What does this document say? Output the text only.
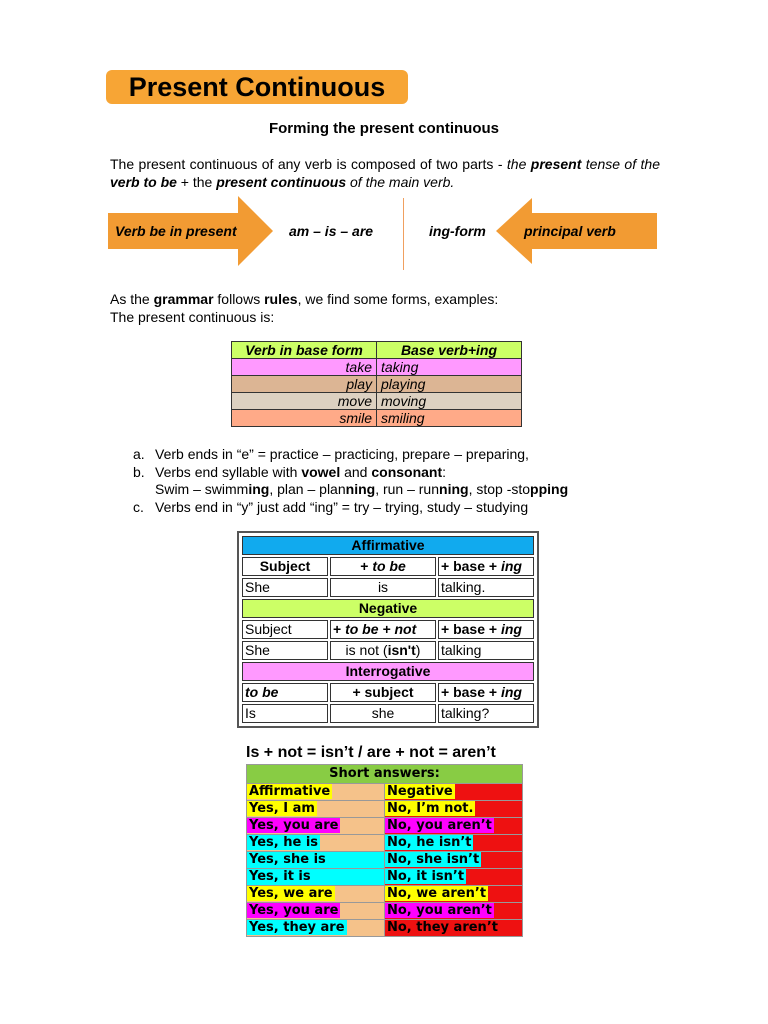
Present Continuous
Forming the present continuous
The present continuous of any verb is composed of two parts - the present tense of the verb to be + the present continuous of the main verb.
Verb be in present	am – is – are	ing-form	principal verb
As the grammar follows rules, we find some forms, examples:
The present continuous is:
Verb in base form	Base verb+ing
take	taking
play	playing
move	moving
smile	smiling
a. Verb ends in “e” = practice – practicing, prepare – preparing,
b. Verbs end syllable with vowel and consonant:
Swim – swimming, plan – planning, run – running, stop -stopping
c. Verbs end in “y” just add “ing” = try – trying, study – studying
Affirmative		
Subject	+ to be	+ base + ing
She	is	talking.
Negative		
Subject	+ to be + not	+ base + ing
She	is not (isn't)	talking
Interrogative		
to be	+ subject	+ base + ing
Is	she	talking?
Is + not = isn’t / are + not = aren’t
Short answers:	
Affirmative	Negative
Yes, I am	No, I’m not.
Yes, you are	No, you aren’t
Yes, he is	No, he isn’t
Yes, she is	No, she isn’t
Yes, it is	No, it isn’t
Yes, we are	No, we aren’t
Yes, you are	No, you aren’t
Yes, they are	No, they aren’t
